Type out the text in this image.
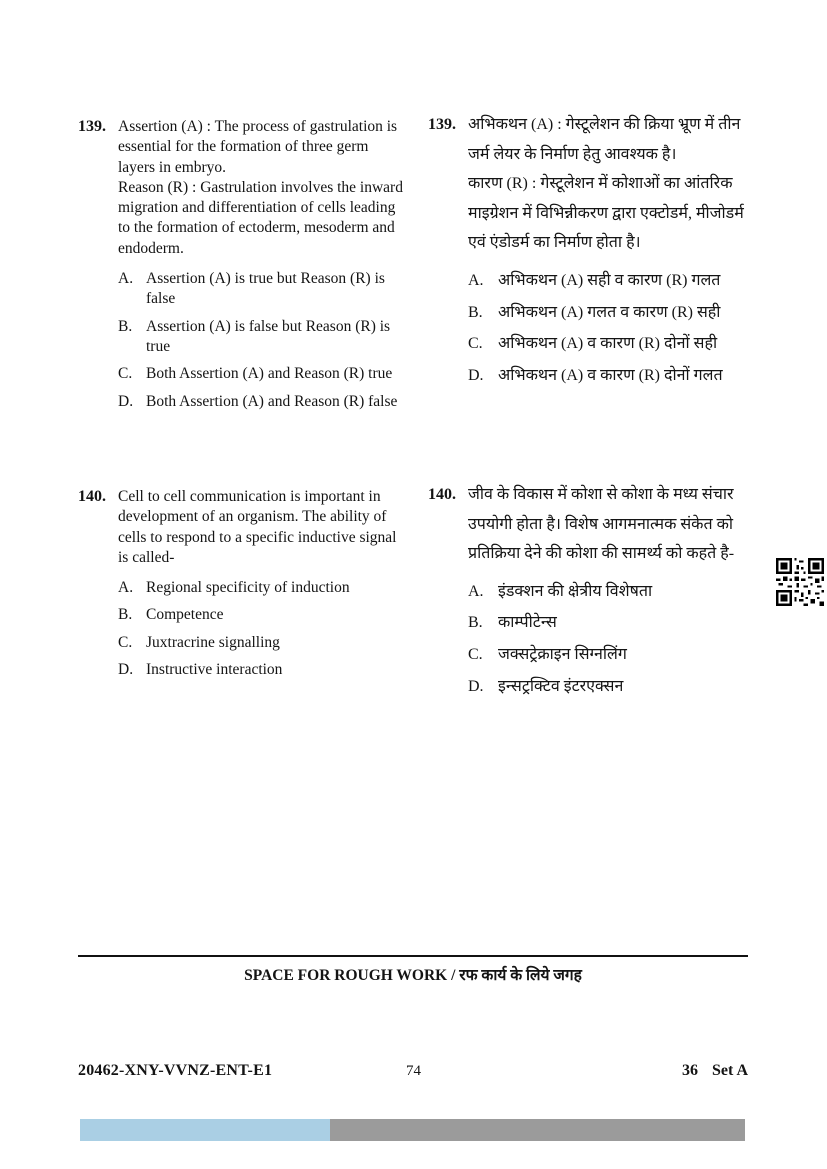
139. Assertion (A) : The process of gastrulation is essential for the formation of three germ layers in embryo.

Reason (R) : Gastrulation involves the inward migration and differentiation of cells leading to the formation of ectoderm, mesoderm and endoderm.

A. Assertion (A) is true but Reason (R) is false
B. Assertion (A) is false but Reason (R) is true
C. Both Assertion (A) and Reason (R) true
D. Both Assertion (A) and Reason (R) false
140. Cell to cell communication is important in development of an organism. The ability of cells to respond to a specific inductive signal is called-

A. Regional specificity of induction
B. Competence
C. Juxtracrine signalling
D. Instructive interaction
139. अभिकथन (A) : गेस्टूलेशन की क्रिया भ्रूण में तीन जर्म लेयर के निर्माण हेतु आवश्यक है।

कारण (R) : गेस्टूलेशन में कोशाओं का आंतरिक माइग्रेशन में विभिन्नीकरण द्वारा एक्टोडर्म, मीजोडर्म एवं एंडोडर्म का निर्माण होता है।

A. अभिकथन (A) सही व कारण (R) गलत
B. अभिकथन (A) गलत व कारण (R) सही
C. अभिकथन (A) व कारण (R) दोनों सही
D. अभिकथन (A) व कारण (R) दोनों गलत
140. जीव के विकास में कोशा से कोशा के मध्य संचार उपयोगी होता है। विशेष आगमनात्मक संकेत को प्रतिक्रिया देने की कोशा की सामर्थ्य को कहते है-

A. इंडक्शन की क्षेत्रीय विशेषता
B. काम्पीटेन्स
C. जक्सट्रेक्राइन सिग्नलिंग
D. इन्सट्रक्टिव इंटरएक्सन
SPACE FOR ROUGH WORK / रफ कार्य के लिये जगह
20462-XNY-VVNZ-ENT-E1	74	36 Set A
